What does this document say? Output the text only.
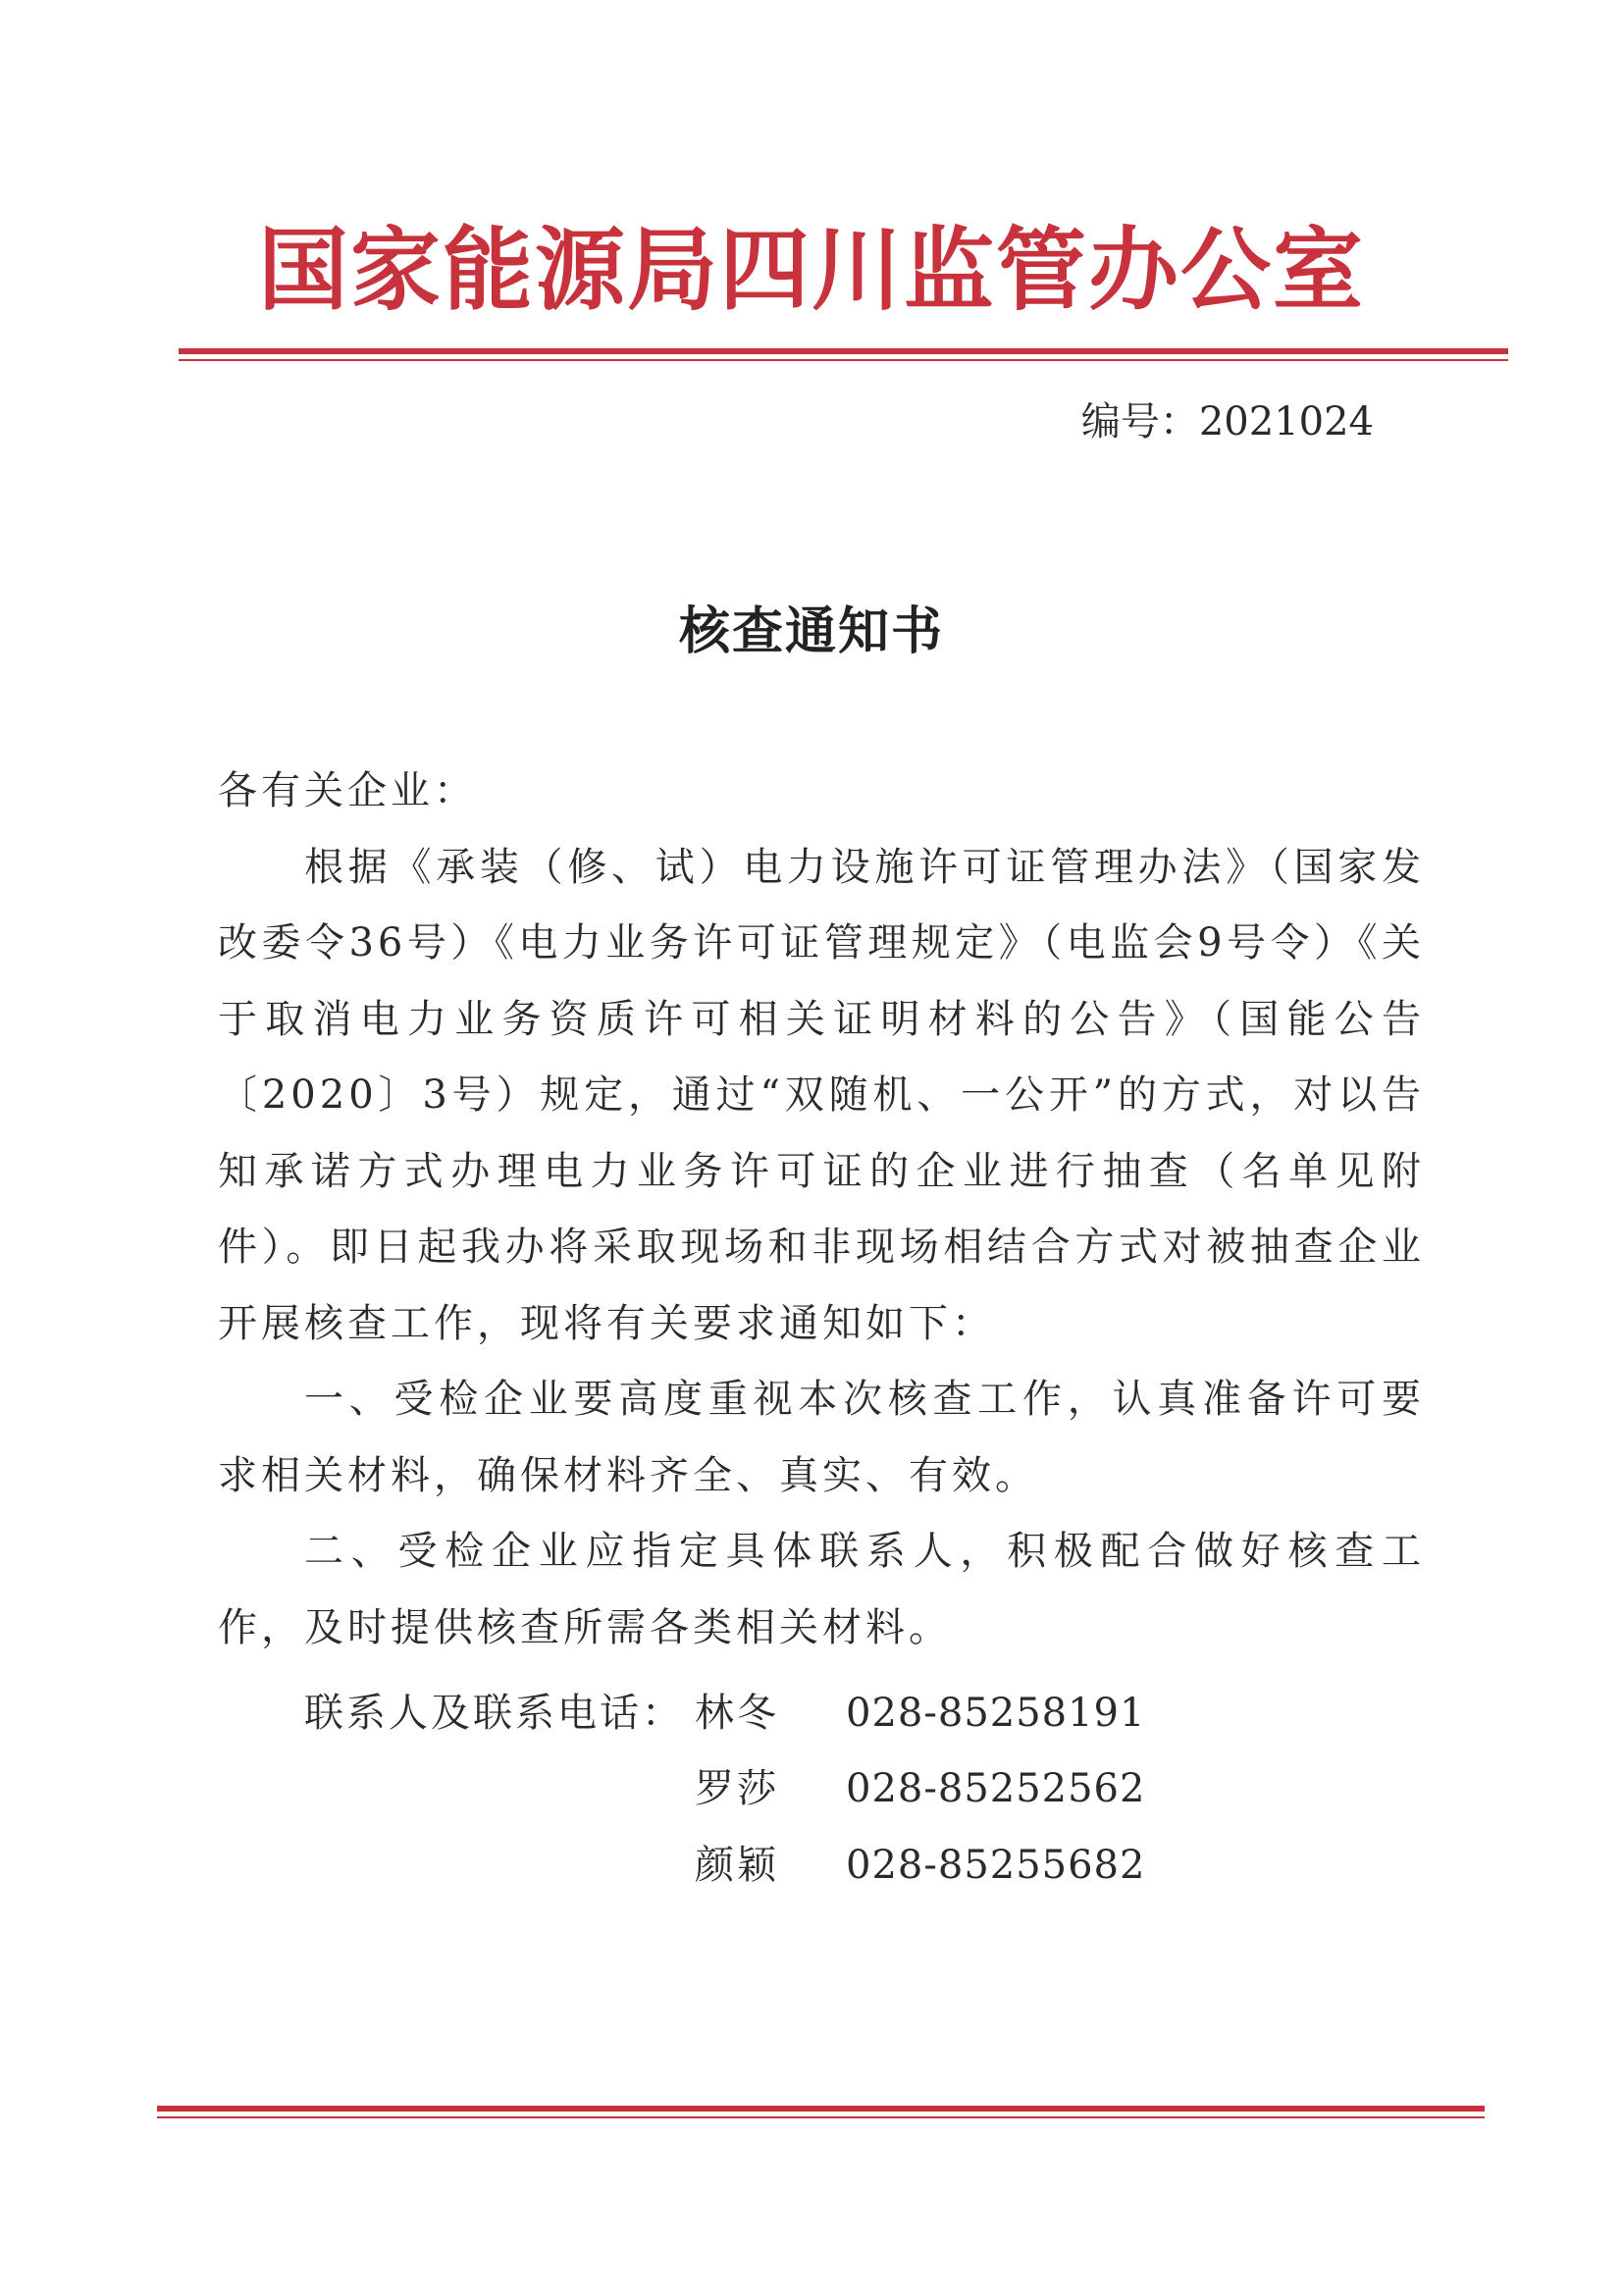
国家能源局四川监管办公室
编号：2021024
核查通知书

各有关企业：

根据《承装（修、试）电力设施许可证管理办法》（国家发改委令36号）《电力业务许可证管理规定》（电监会9号令）《关于取消电力业务资质许可相关证明材料的公告》（国能公告〔2020〕3号）规定，通过“双随机、一公开”的方式，对以告知承诺方式办理电力业务许可证的企业进行抽查（名单见附件）。即日起我办将采取现场和非现场相结合方式对被抽查企业开展核查工作，现将有关要求通知如下：

一、受检企业要高度重视本次核查工作，认真准备许可要求相关材料，确保材料齐全、真实、有效。

二、受检企业应指定具体联系人，积极配合做好核查工作，及时提供核查所需各类相关材料。

联系人及联系电话： 林冬 028-85258191
罗莎 028-85252562
颜颖 028-85255682
